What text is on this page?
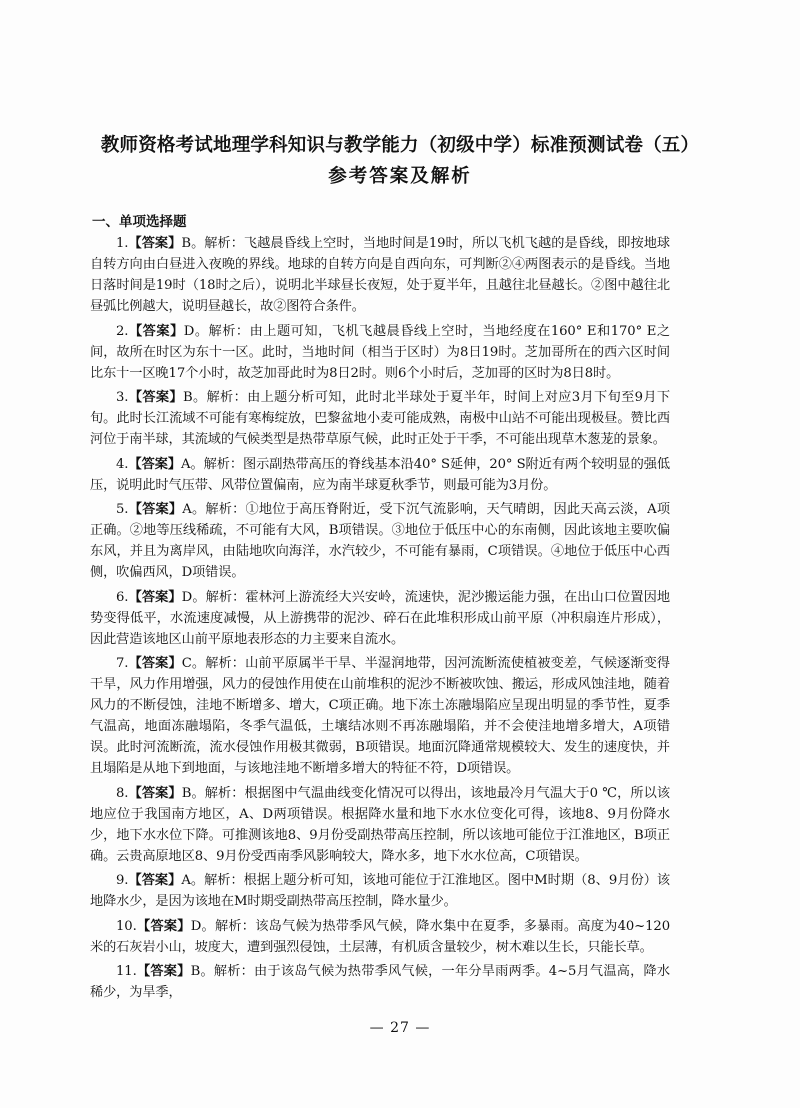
教师资格考试地理学科知识与教学能力（初级中学）标准预测试卷（五）
参考答案及解析
一、单项选择题

1.【答案】B。解析：飞越晨昏线上空时，当地时间是19时，所以飞机飞越的是昏线，即按地球自转方向由白昼进入夜晚的界线。地球的自转方向是自西向东，可判断②④两图表示的是昏线。当地日落时间是19时（18时之后），说明北半球昼长夜短，处于夏半年，且越往北昼越长。②图中越往北昼弧比例越大，说明昼越长，故②图符合条件。

2.【答案】D。解析：由上题可知，飞机飞越晨昏线上空时，当地经度在160° E和170° E之间，故所在时区为东十一区。此时，当地时间（相当于区时）为8日19时。芝加哥所在的西六区时间比东十一区晚17个小时，故芝加哥此时为8日2时。则6个小时后，芝加哥的区时为8日8时。

3.【答案】B。解析：由上题分析可知，此时北半球处于夏半年，时间上对应3月下旬至9月下旬。此时长江流域不可能有寒梅绽放，巴黎盆地小麦可能成熟，南极中山站不可能出现极昼。赞比西河位于南半球，其流域的气候类型是热带草原气候，此时正处于干季，不可能出现草木葱茏的景象。

4.【答案】A。解析：图示副热带高压的脊线基本沿40° S延伸，20° S附近有两个较明显的强低压，说明此时气压带、风带位置偏南，应为南半球夏秋季节，则最可能为3月份。

5.【答案】A。解析：①地位于高压脊附近，受下沉气流影响，天气晴朗，因此天高云淡，A项正确。②地等压线稀疏，不可能有大风，B项错误。③地位于低压中心的东南侧，因此该地主要吹偏东风，并且为离岸风，由陆地吹向海洋，水汽较少，不可能有暴雨，C项错误。④地位于低压中心西侧，吹偏西风，D项错误。

6.【答案】D。解析：霍林河上游流经大兴安岭，流速快，泥沙搬运能力强，在出山口位置因地势变得低平，水流速度减慢，从上游携带的泥沙、碎石在此堆积形成山前平原（冲积扇连片形成），因此营造该地区山前平原地表形态的力主要来自流水。

7.【答案】C。解析：山前平原属半干旱、半湿润地带，因河流断流使植被变差，气候逐渐变得干旱，风力作用增强，风力的侵蚀作用使在山前堆积的泥沙不断被吹蚀、搬运，形成风蚀洼地，随着风力的不断侵蚀，洼地不断增多、增大，C项正确。地下冻土冻融塌陷应呈现出明显的季节性，夏季气温高，地面冻融塌陷，冬季气温低，土壤结冰则不再冻融塌陷，并不会使洼地增多增大，A项错误。此时河流断流，流水侵蚀作用极其微弱，B项错误。地面沉降通常规模较大、发生的速度快，并且塌陷是从地下到地面，与该地洼地不断增多增大的特征不符，D项错误。

8.【答案】B。解析：根据图中气温曲线变化情况可以得出，该地最冷月气温大于0 ℃，所以该地应位于我国南方地区，A、D两项错误。根据降水量和地下水水位变化可得，该地8、9月份降水少，地下水水位下降。可推测该地8、9月份受副热带高压控制，所以该地可能位于江淮地区，B项正确。云贵高原地区8、9月份受西南季风影响较大，降水多，地下水水位高，C项错误。

9.【答案】A。解析：根据上题分析可知，该地可能位于江淮地区。图中M时期（8、9月份）该地降水少，是因为该地在M时期受副热带高压控制，降水量少。

10.【答案】D。解析：该岛气候为热带季风气候，降水集中在夏季，多暴雨。高度为40~120米的石灰岩小山，坡度大，遭到强烈侵蚀，土层薄，有机质含量较少，树木难以生长，只能长草。

11.【答案】B。解析：由于该岛气候为热带季风气候，一年分旱雨两季。4~5月气温高，降水稀少，为旱季，

— 27 —
